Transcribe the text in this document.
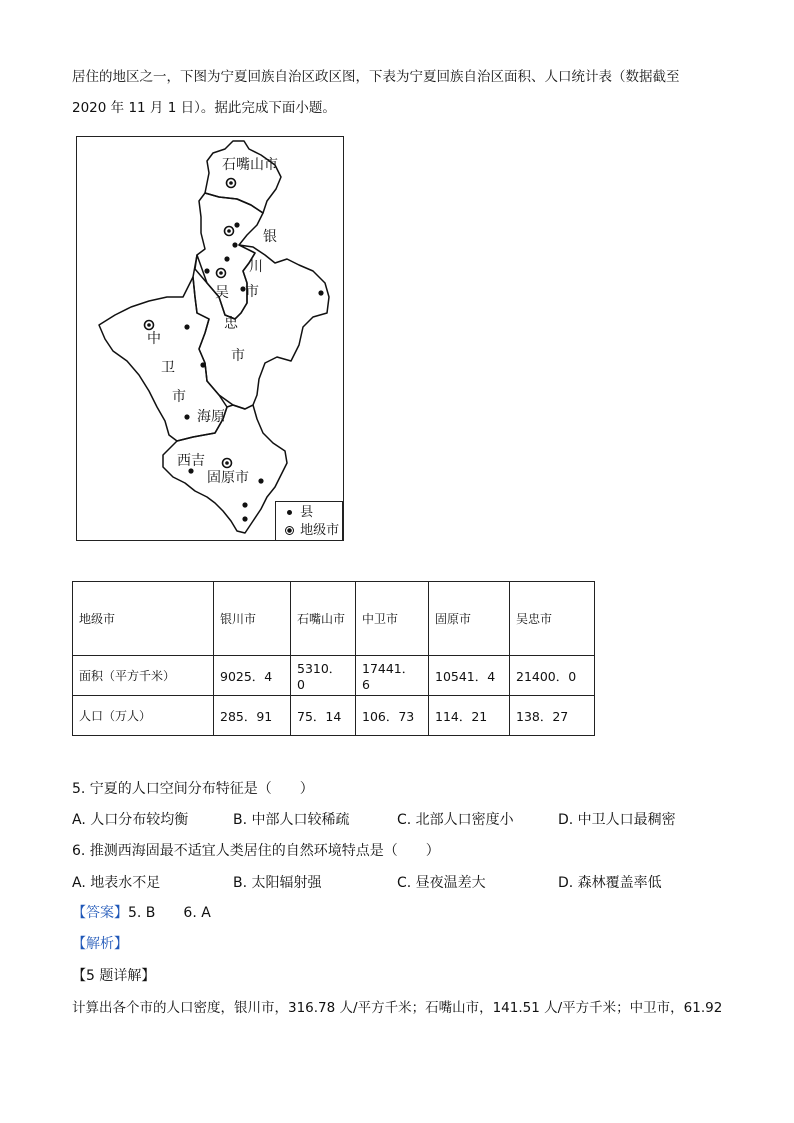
居住的地区之一，下图为宁夏回族自治区政区图，下表为宁夏回族自治区面积、人口统计表（数据截至
2020 年 11 月 1 日）。据此完成下面小题。
石嘴山市
银
川
市
吴
忠
市
中
卫
市
海原
西吉
固原市
县
地级市
地级市	银川市	石嘴山市	中卫市	固原市	吴忠市
面积（平方千米）	9025．4	5310．0	17441．6	10541．4	21400．0
人口（万人）	285．91	75．14	106．73	114．21	138．27
5. 宁夏的人口空间分布特征是（　　）
A. 人口分布较均衡	B. 中部人口较稀疏	C. 北部人口密度小	D. 中卫人口最稠密
6. 推测西海固最不适宜人类居住的自然环境特点是（　　）
A. 地表水不足	B. 太阳辐射强	C. 昼夜温差大	D. 森林覆盖率低
【答案】5. B　　6. A
【解析】
【5 题详解】
计算出各个市的人口密度，银川市，316.78 人/平方千米；石嘴山市，141.51 人/平方千米；中卫市，61.92
